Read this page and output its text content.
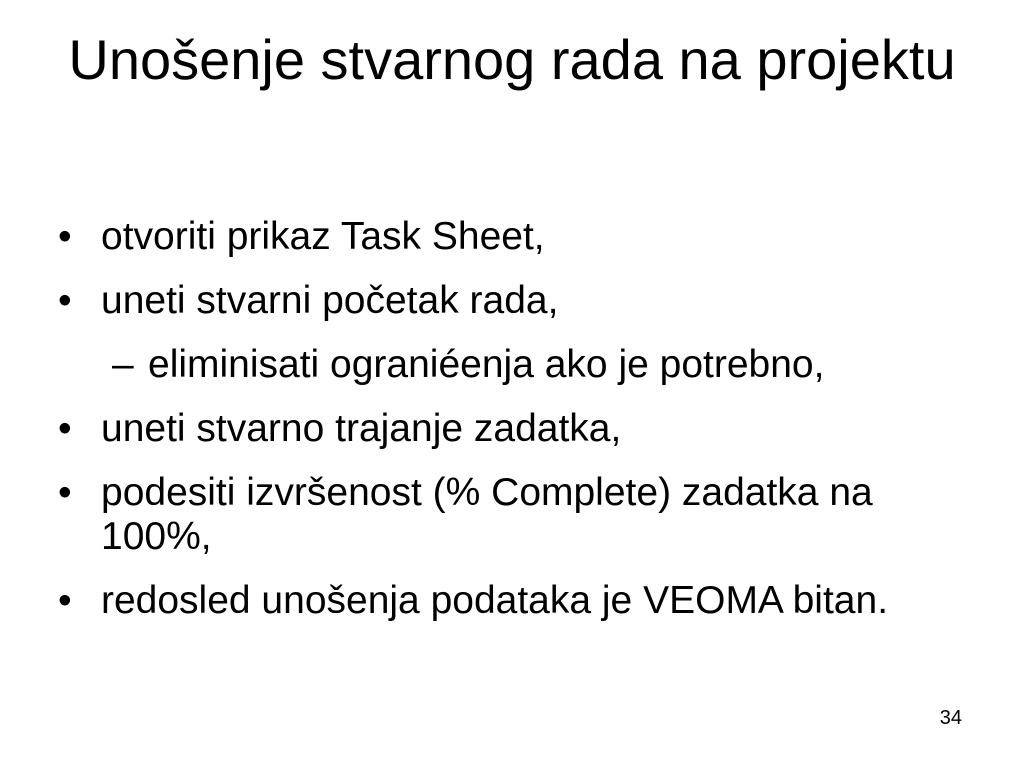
Unošenje stvarnog rada na projektu
• otvoriti prikaz Task Sheet,
• uneti stvarni početak rada,
– eliminisati ograniéenja ako je potrebno,
• uneti stvarno trajanje zadatka,
• podesiti izvršenost (% Complete) zadatka na 100%,
• redosled unošenja podataka je VEOMA bitan.
34
